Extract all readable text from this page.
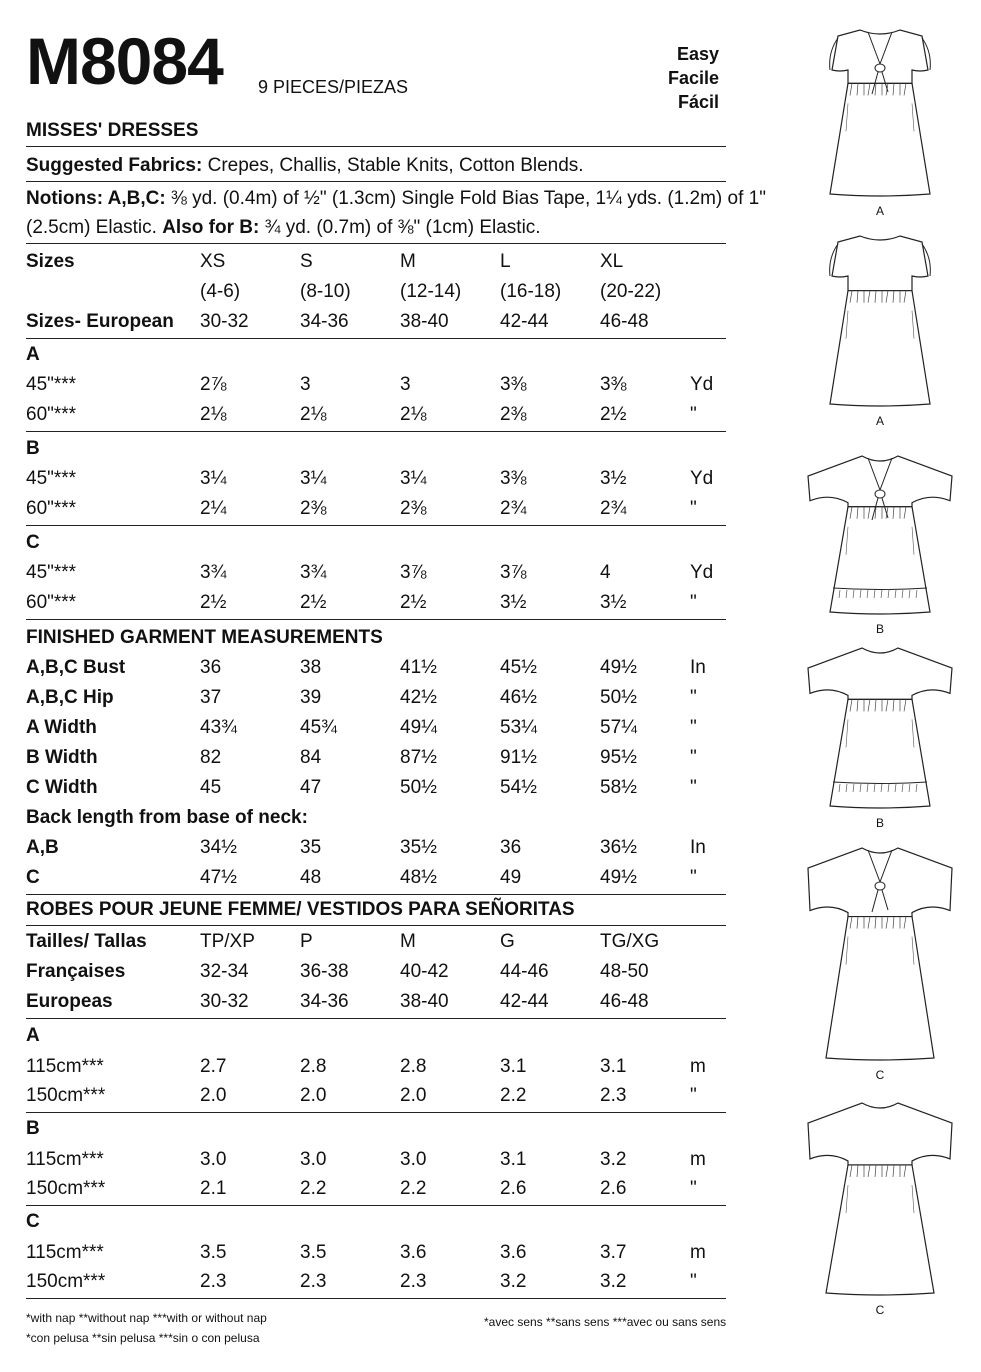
M8084 9 PIECES/PIEZAS
Easy
Facile
Fácil
MISSES' DRESSES
Suggested Fabrics: Crepes, Challis, Stable Knits, Cotton Blends.
Notions: A,B,C: ⅜ yd. (0.4m) of ½" (1.3cm) Single Fold Bias Tape, 1¼ yds. (1.2m) of 1"
(2.5cm) Elastic. Also for B: ¾ yd. (0.7m) of ⅜" (1cm) Elastic.
Sizes	XS	S	M	L	XL
(4-6)	(8-10)	(12-14) (16-18) (20-22)
Sizes- European 30-32	34-36	38-40	42-44	46-48
A
45"***	2⅞	3	3	3⅜	3⅜	Yd
60"***	2⅛	2⅛	2⅛	2⅜	2½	"
B
45"***	3¼	3¼	3¼	3⅜	3½	Yd
60"***	2¼	2⅜	2⅜	2¾	2¾	"
C
45"***	3¾	3¾	3⅞	3⅞	4	Yd
60"***	2½	2½	2½	3½	3½	"
FINISHED GARMENT MEASUREMENTS
A,B,C Bust	36	38	41½	45½	49½	In
A,B,C Hip	37	39	42½	46½	50½	"
A Width	43¾	45¾	49¼	53¼	57¼	"
B Width	82	84	87½	91½	95½	"
C Width	45	47	50½	54½	58½	"
Back length from base of neck:
A,B	34½	35	35½	36	36½	In
C	47½	48	48½	49	49½	"
ROBES POUR JEUNE FEMME/ VESTIDOS PARA SEÑORITAS
Tailles/ Tallas	TP/XP P	M	G	TG/XG
Françaises	32-34	36-38	40-42	44-46	48-50
Europeas	30-32	34-36	38-40	42-44	46-48
A
115cm***	2.7	2.8	2.8	3.1	3.1	m
150cm***	2.0	2.0	2.0	2.2	2.3	"
B
115cm***	3.0	3.0	3.0	3.1	3.2	m
150cm***	2.1	2.2	2.2	2.6	2.6	"
C
115cm***	3.5	3.5	3.6	3.6	3.7	m
150cm***	2.3	2.3	2.3	3.2	3.2	"
*with nap **without nap ***with or without nap
*con pelusa **sin pelusa ***sin o con pelusa
*avec sens **sans sens ***avec ou sans sens
A
A
B
B
C
C
